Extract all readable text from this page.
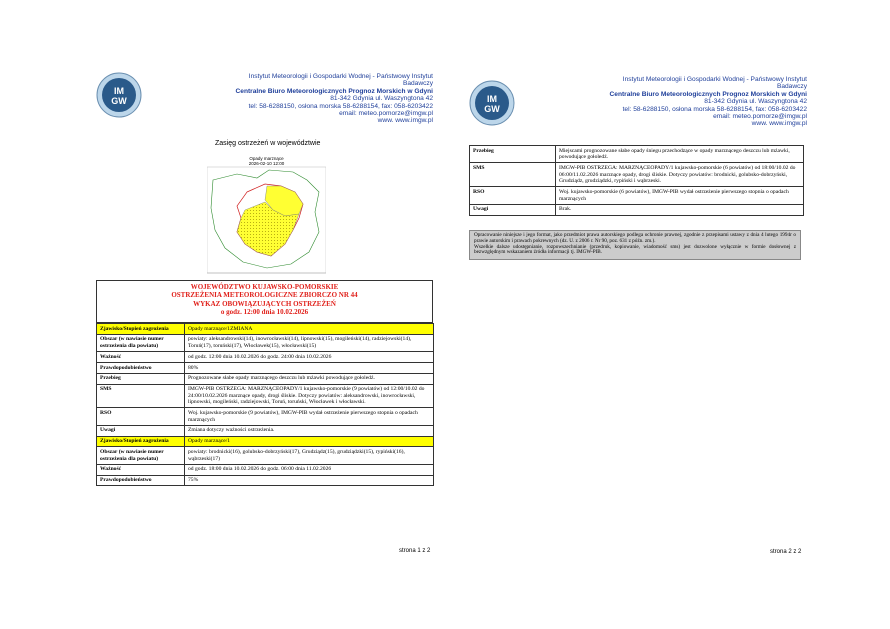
IM
GW
Instytut Meteorologii i Gospodarki Wodnej - Państwowy Instytut Badawczy
Centralne Biuro Meteorologicznych Prognoz Morskich w Gdyni
81-342 Gdynia ul. Waszyngtona 42
tel: 58-6288150, osłona morska 58-6288154, fax: 058-6203422
email: meteo.pomorze@imgw.pl
www. www.imgw.pl
Zasięg ostrzeżeń w województwie
Opady marznące
2026-02-10 12:00
WOJEWÓDZTWO KUJAWSKO-POMORSKIE
OSTRZEŻENIA METEOROLOGICZNE ZBIORCZO NR 44
WYKAZ OBOWIĄZUJĄCYCH OSTRZEŻEŃ
o godz. 12:00 dnia 10.02.2026
Zjawisko/Stopień zagrożenia	Opady marznące/1ZMIANA
Obszar (w nawiasie numer ostrzeżenia dla powiatu)	powiaty: aleksandrowski(14), inowrocławski(14), lipnowski(15), mogileński(14), radziejowski(14), Toruń(17), toruński(17), Włocławek(15), włocławski(15)
Ważność	od godz. 12:00 dnia 10.02.2026 do godz. 24:00 dnia 10.02.2026
Prawdopodobieństwo	80%
Przebieg	Prognozowane słabe opady marznącego deszczu lub mżawki powodujące gołoledź.
SMS	IMGW-PIB OSTRZEGA: MARZNĄCEOPADY/1 kujawsko-pomorskie (9 powiatów) od 12:00/10.02 do 24:00/10.02.2026 marznące opady, drogi śliskie. Dotyczy powiatów: aleksandrowski, inowrocławski, lipnowski, mogileński, radziejowski, Toruń, toruński, Włocławek i włocławski.
RSO	Woj. kujawsko-pomorskie (9 powiatów), IMGW-PIB wydał ostrzeżenie pierwszego stopnia o opadach marznących
Uwagi	Zmiana dotyczy ważności ostrzeżenia.
Zjawisko/Stopień zagrożenia	Opady marznące/1
Obszar (w nawiasie numer ostrzeżenia dla powiatu)	powiaty: brodnicki(16), golubsko-dobrzyński(17), Grudziądz(15), grudziądzki(15), rypiński(16), wąbrzeski(17)
Ważność	od godz. 18:00 dnia 10.02.2026 do godz. 06:00 dnia 11.02.2026
Prawdopodobieństwo	75%
strona 1 z 2
IM
GW
Instytut Meteorologii i Gospodarki Wodnej - Państwowy Instytut Badawczy
Centralne Biuro Meteorologicznych Prognoz Morskich w Gdyni
81-342 Gdynia ul. Waszyngtona 42
tel: 58-6288150, osłona morska 58-6288154, fax: 058-6203422
email: meteo.pomorze@imgw.pl
www. www.imgw.pl
Przebieg	Miejscami prognozowane słabe opady śniegu przechodzące w opady marznącego deszczu lub mżawki, powodujące gołoledź.
SMS	IMGW-PIB OSTRZEGA: MARZNĄCEOPADY/1 kujawsko-pomorskie (6 powiatów) od 18:00/10.02 do 06:00/11.02.2026 marznące opady, drogi śliskie. Dotyczy powiatów: brodnicki, golubsko-dobrzyński, Grudziądz, grudziądzki, rypiński i wąbrzeski.
RSO	Woj. kujawsko-pomorskie (6 powiatów), IMGW-PIB wydał ostrzeżenie pierwszego stopnia o opadach marznących
Uwagi	Brak.
strona 2 z 2
Opracowanie niniejsze i jego format, jako przedmiot prawa autorskiego podlega ochronie prawnej, zgodnie z przepisami ustawy z dnia 4 lutego 1994r o prawie autorskim i prawach pokrewnych (dz. U. z 2006 r. Nr 90, poz. 631 z późn. zm.).
Wszelkie dalsze udostępnianie, rozpowszechnianie (przedruk, kopiowanie, wiadomość sms) jest dozwolone wyłącznie w formie dosłownej z bezwzględnym wskazaniem źródła informacji tj. IMGW-PIB.
